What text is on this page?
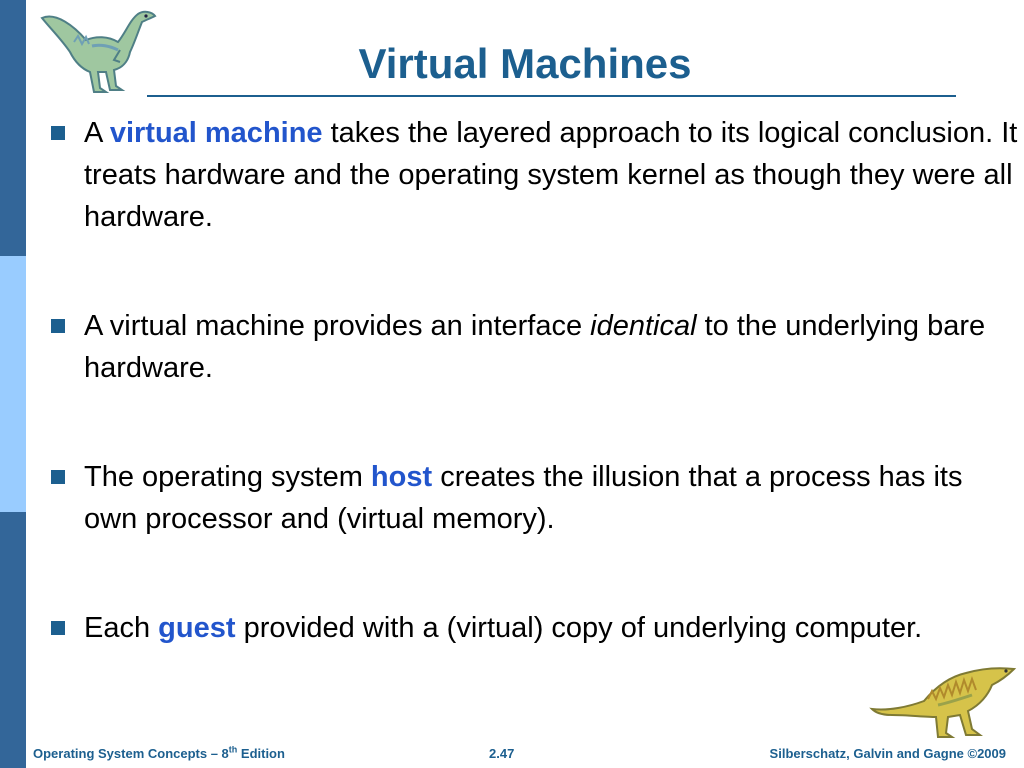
Virtual Machines
A virtual machine takes the layered approach to its logical conclusion. It treats hardware and the operating system kernel as though they were all hardware.
A virtual machine provides an interface identical to the underlying bare hardware.
The operating system host creates the illusion that a process has its own processor and (virtual memory).
Each guest provided with a (virtual) copy of underlying computer.
Operating System Concepts – 8th Edition	2.47	Silberschatz, Galvin and Gagne ©2009
